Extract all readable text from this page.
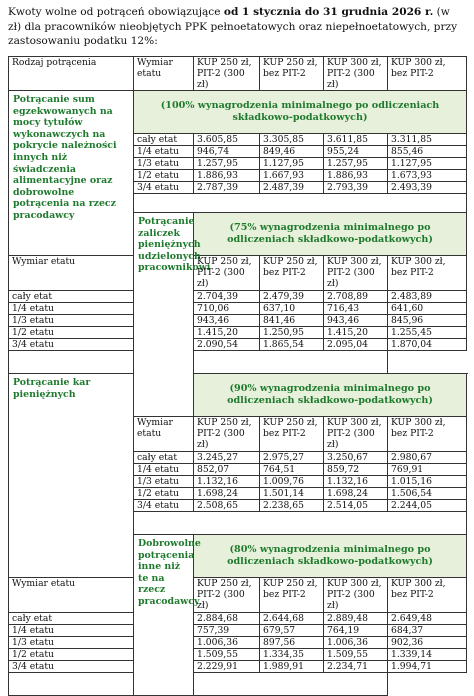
Kwoty wolne od potrąceń obowiązujące od 1 stycznia do 31 grudnia 2026 r. (w zł) dla pracowników nieobjętych PPK pełnoetatowych oraz niepełnoetatowych, przy zastosowaniu podatku 12%:
Rodzaj potrącenia	Wymiar etatu	KUP 250 zł, PIT-2 (300 zł)	KUP 250 zł, bez PIT-2	KUP 300 zł, PIT-2 (300 zł)	KUP 300 zł, bez PIT-2
Potrącanie sum egzekwowanych na mocy tytułów wykonawczych na pokrycie należności innych niż świadczenia alimentacyjne oraz dobrowolne potrącenia na rzecz pracodawcy	(100% wynagrodzenia minimalnego po odliczeniach składkowo-podatkowych)				
	cały etat	3.605,85	3.305,85	3.611,85	3.311,85
	1/4 etatu	946,74	849,46	955,24	855,46
	1/3 etatu	1.257,95	1.127,95	1.257,95	1.127,95
	1/2 etatu	1.886,93	1.667,93	1.886,93	1.673,93
	3/4 etatu	2.787,39	2.487,39	2.793,39	2.493,39

	Potrącanie zaliczek pieniężnych udzielonych pracownikowi	(75% wynagrodzenia minimalnego po odliczeniach składkowo-podatkowych)			
Wymiar etatu		KUP 250 zł, PIT-2 (300 zł)	KUP 250 zł, bez PIT-2	KUP 300 zł, PIT-2 (300 zł)	KUP 300 zł, bez PIT-2
cały etat		2.704,39	2.479,39	2.708,89	2.483,89
1/4 etatu		710,06	637,10	716,43	641,60
1/3 etatu		943,46	841,46	943,46	845,96
1/2 etatu		1.415,20	1.250,95	1.415,20	1.255,45
3/4 etatu		2.090,54	1.865,54	2.095,04	1.870,04

Potrącanie kar pieniężnych		(90% wynagrodzenia minimalnego po odliczeniach składkowo-podatkowych)			
	Wymiar etatu	KUP 250 zł, PIT-2 (300 zł)	KUP 250 zł, bez PIT-2	KUP 300 zł, PIT-2 (300 zł)	KUP 300 zł, bez PIT-2
	cały etat	3.245,27	2.975,27	3.250,67	2.980,67
	1/4 etatu	852,07	764,51	859,72	769,91
	1/3 etatu	1.132,16	1.009,76	1.132,16	1.015,16
	1/2 etatu	1.698,24	1.501,14	1.698,24	1.506,54
	3/4 etatu	2.508,65	2.238,65	2.514,05	2.244,05

	Dobrowolne potrącenia inne niż te na rzecz pracodawcy	(80% wynagrodzenia minimalnego po odliczeniach składkowo-podatkowych)			
Wymiar etatu		KUP 250 zł, PIT-2 (300 zł)	KUP 250 zł, bez PIT-2	KUP 300 zł, PIT-2 (300 zł)	KUP 300 zł, bez PIT-2
cały etat		2.884,68	2.644,68	2.889,48	2.649,48
1/4 etatu		757,39	679,57	764,19	684,37
1/3 etatu		1.006,36	897,56	1.006,36	902,36
1/2 etatu		1.509,55	1.334,35	1.509,55	1.339,14
3/4 etatu		2.229,91	1.989,91	2.234,71	1.994,71
